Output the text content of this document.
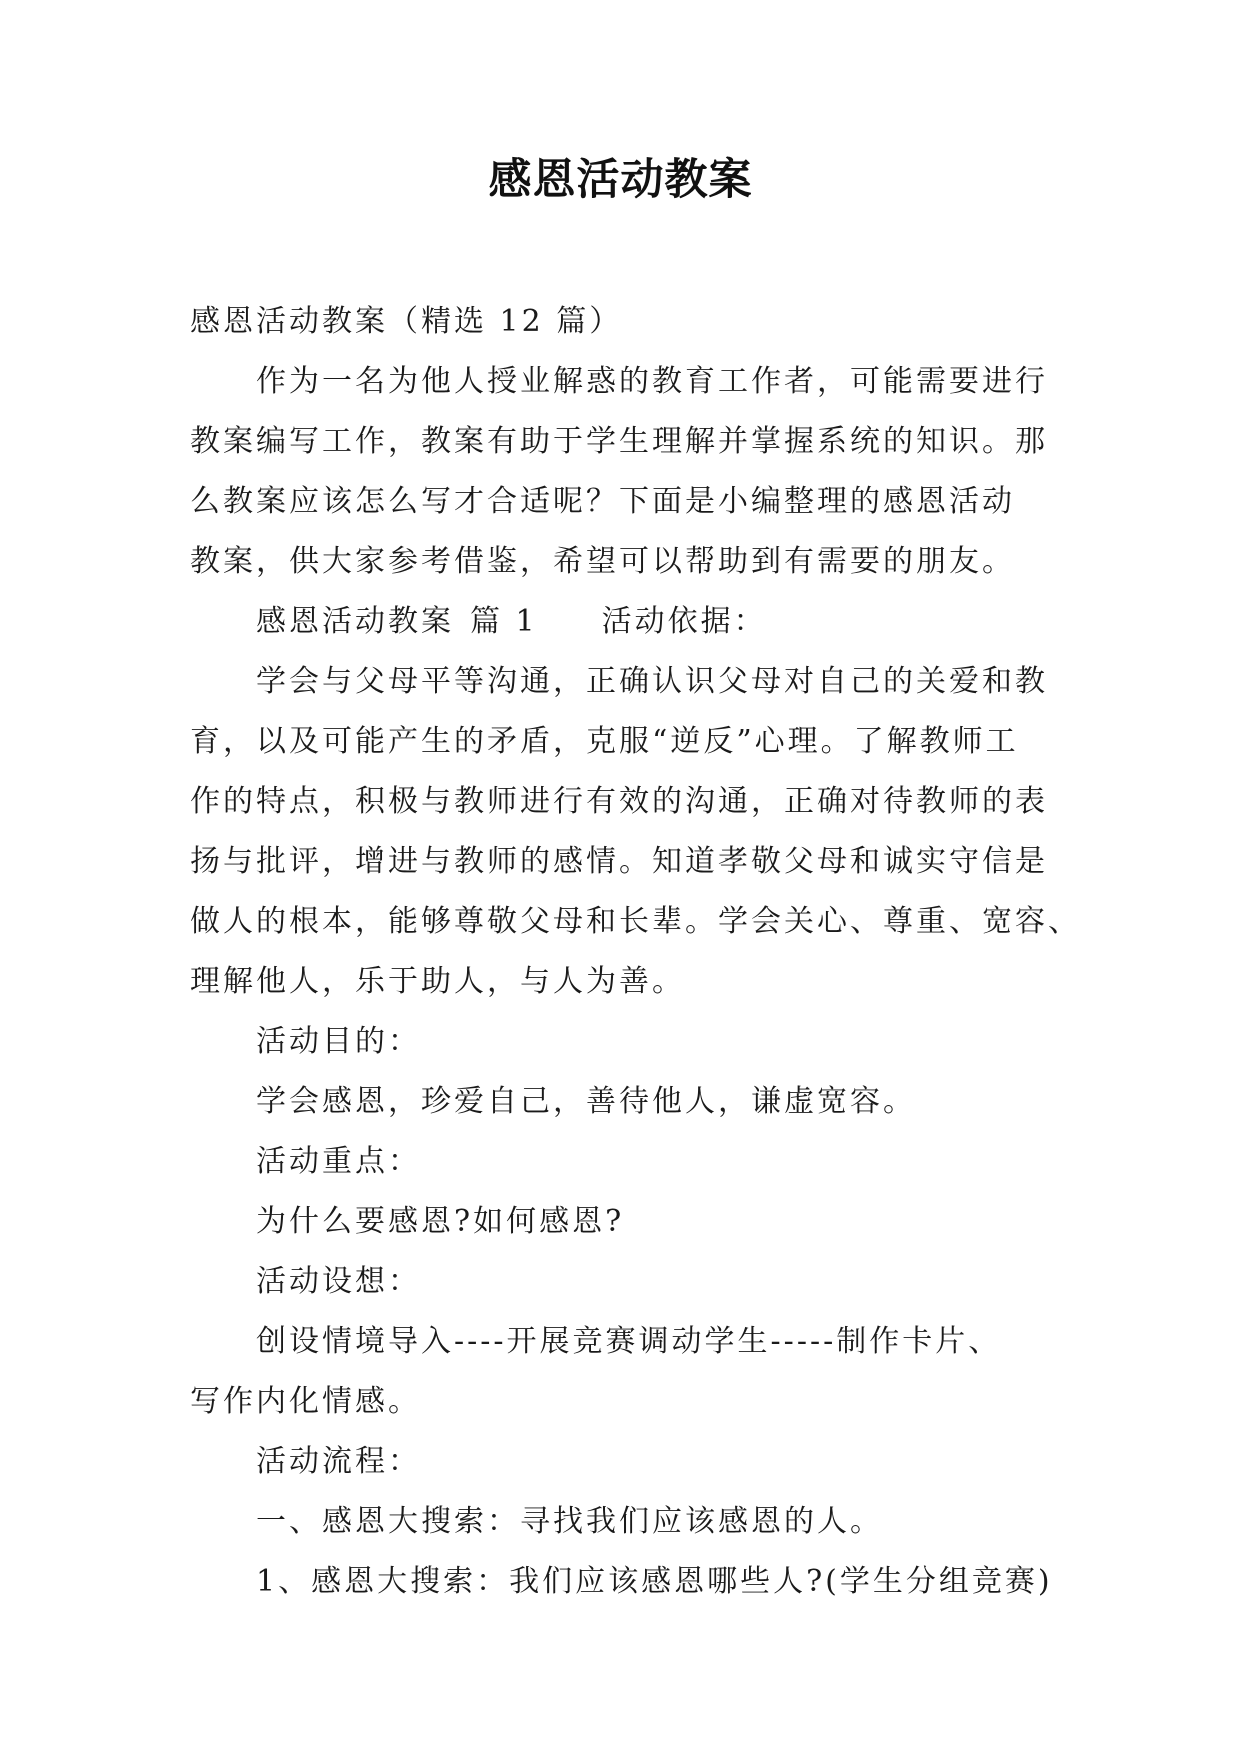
感恩活动教案
感恩活动教案（精选 12 篇）
作为一名为他人授业解惑的教育工作者，可能需要进行
教案编写工作，教案有助于学生理解并掌握系统的知识。那
么教案应该怎么写才合适呢？下面是小编整理的感恩活动
教案，供大家参考借鉴，希望可以帮助到有需要的朋友。
感恩活动教案 篇 1 活动依据：
学会与父母平等沟通，正确认识父母对自己的关爱和教
育，以及可能产生的矛盾，克服“逆反”心理。了解教师工
作的特点，积极与教师进行有效的沟通，正确对待教师的表
扬与批评，增进与教师的感情。知道孝敬父母和诚实守信是
做人的根本，能够尊敬父母和长辈。学会关心、尊重、宽容、
理解他人，乐于助人，与人为善。
活动目的：
学会感恩，珍爱自己，善待他人，谦虚宽容。
活动重点：
为什么要感恩?如何感恩?
活动设想：
创设情境导入----开展竞赛调动学生-----制作卡片、
写作内化情感。
活动流程：
一、感恩大搜索：寻找我们应该感恩的人。
1、感恩大搜索：我们应该感恩哪些人?(学生分组竞赛)
